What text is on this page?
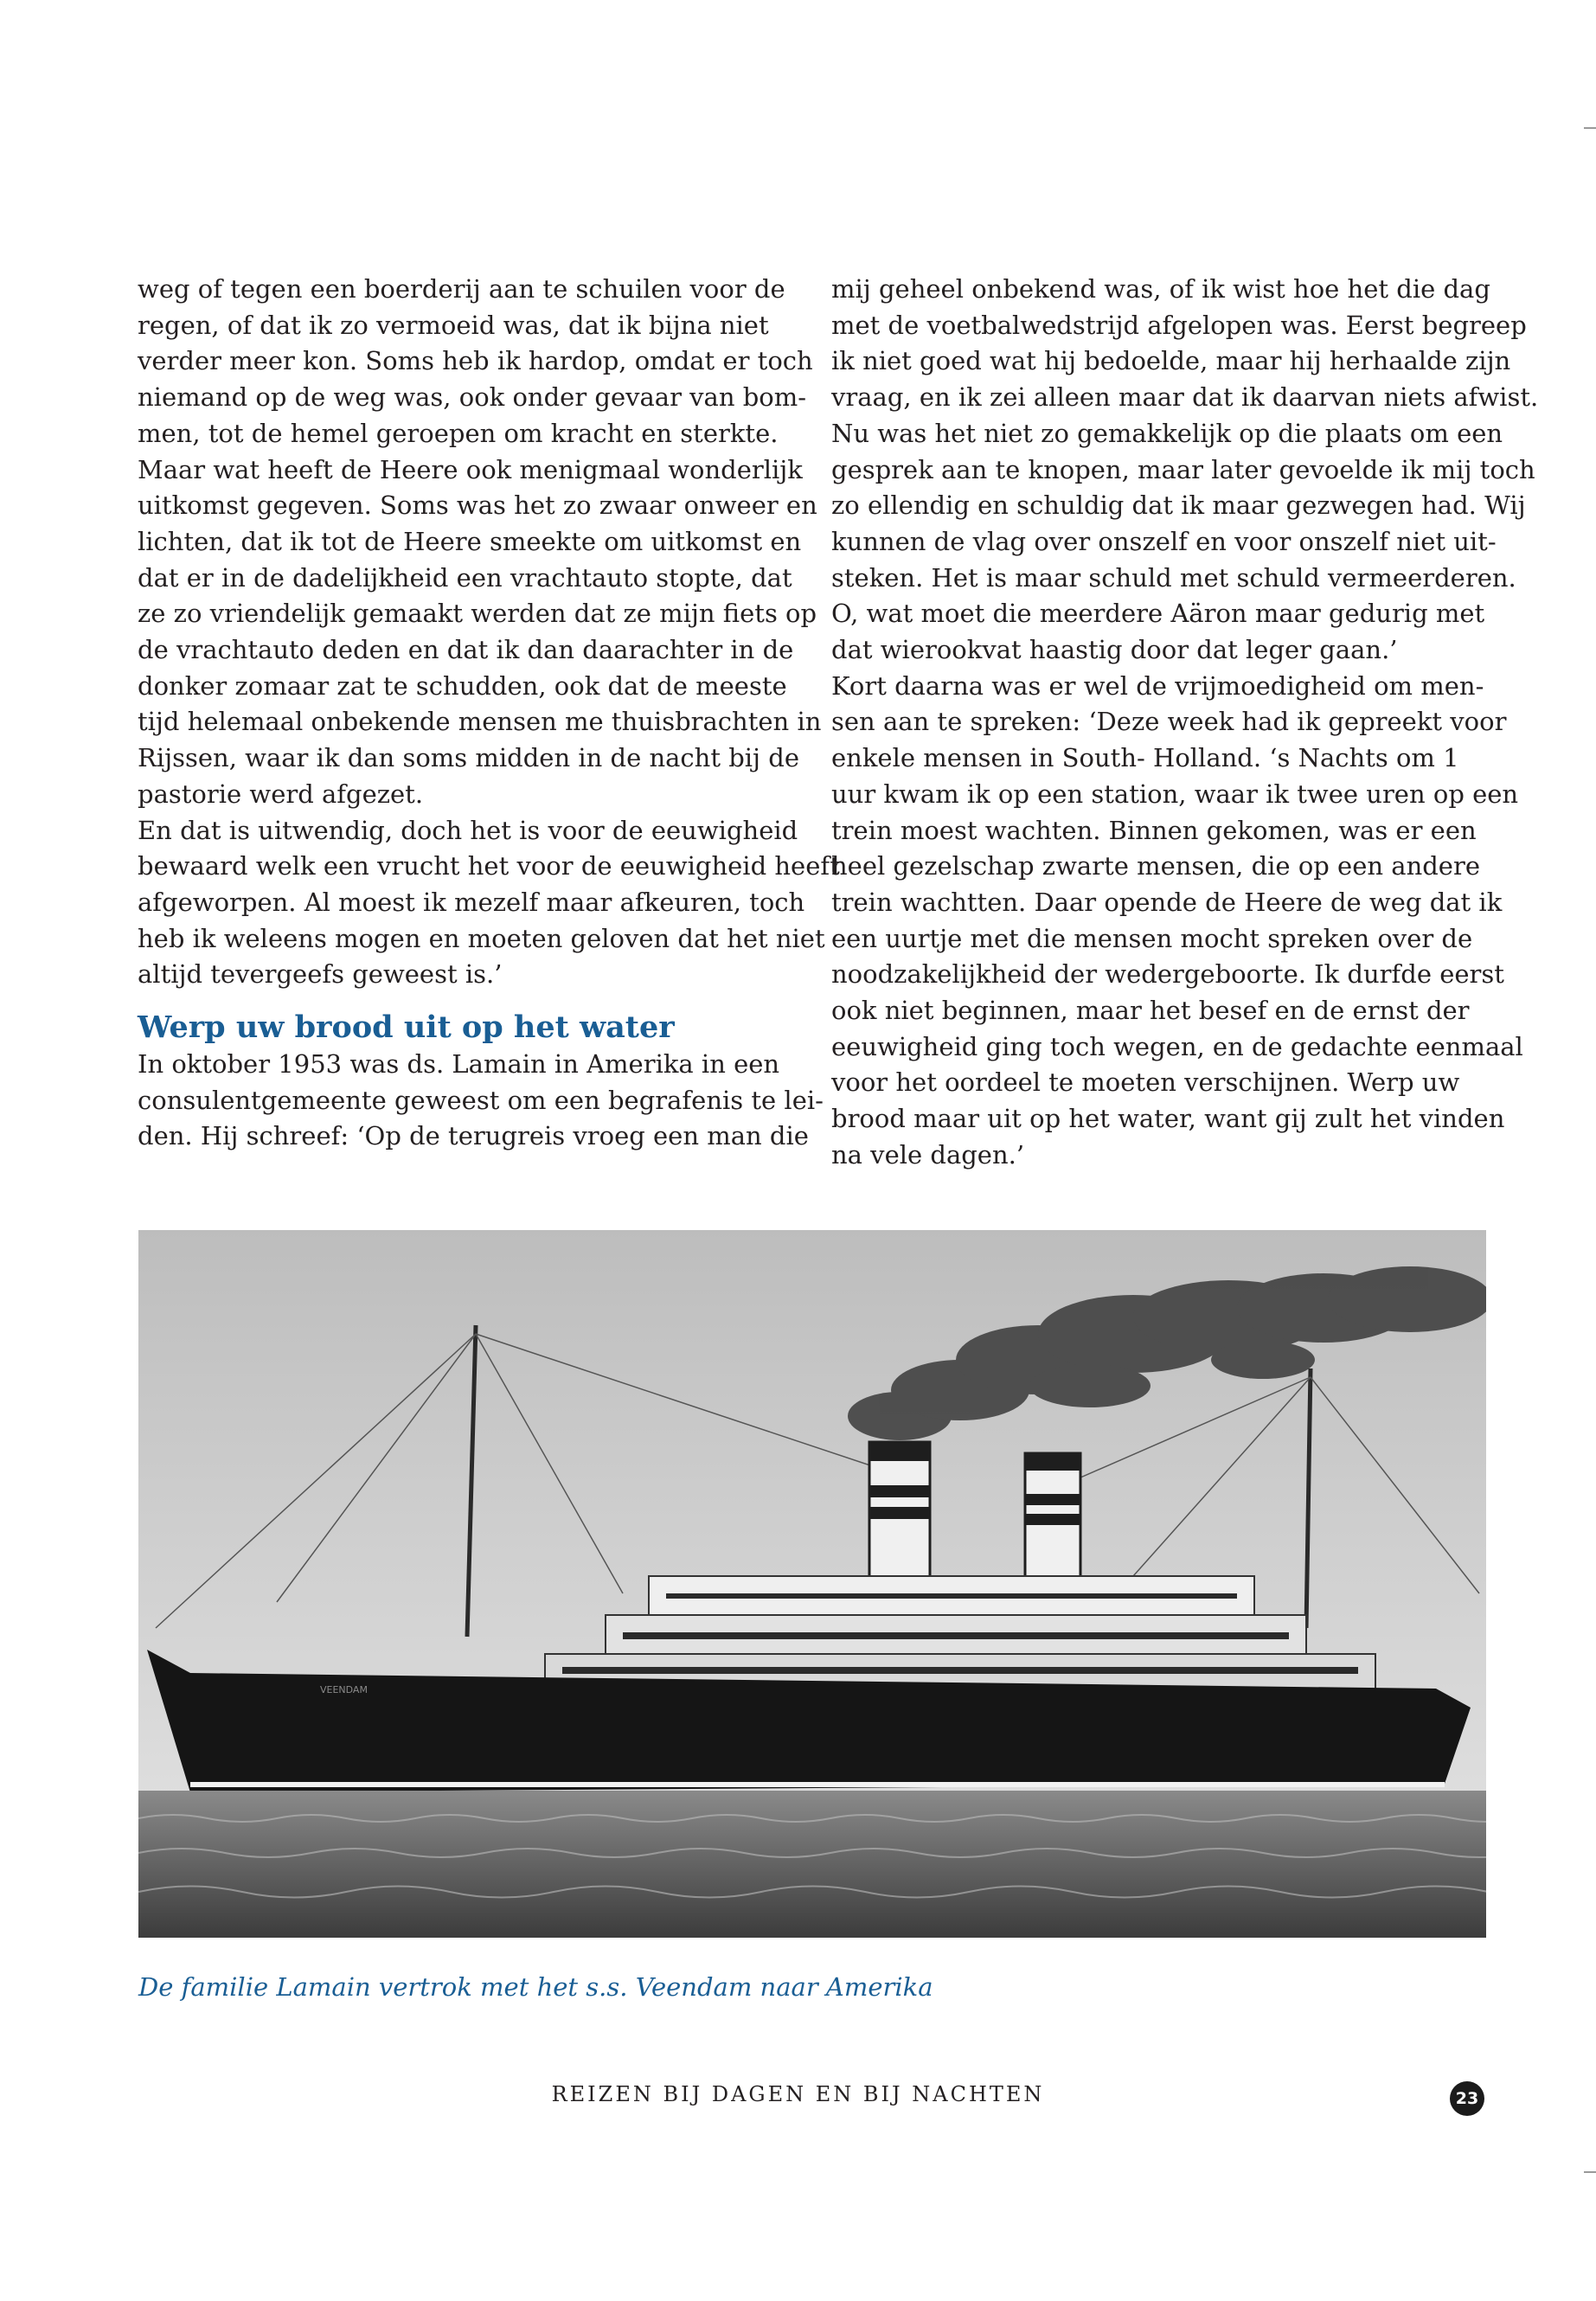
weg of tegen een boerderij aan te schuilen voor de
regen, of dat ik zo vermoeid was, dat ik bijna niet
verder meer kon. Soms heb ik hardop, omdat er toch
niemand op de weg was, ook onder gevaar van bom-
men, tot de hemel geroepen om kracht en sterkte.
Maar wat heeft de Heere ook menigmaal wonderlijk
uitkomst gegeven. Soms was het zo zwaar onweer en
lichten, dat ik tot de Heere smeekte om uitkomst en
dat er in de dadelijkheid een vrachtauto stopte, dat
ze zo vriendelijk gemaakt werden dat ze mijn fiets op
de vrachtauto deden en dat ik dan daarachter in de
donker zomaar zat te schudden, ook dat de meeste
tijd helemaal onbekende mensen me thuisbrachten in
Rijssen, waar ik dan soms midden in de nacht bij de
pastorie werd afgezet.
En dat is uitwendig, doch het is voor de eeuwigheid
bewaard welk een vrucht het voor de eeuwigheid heeft
afgeworpen. Al moest ik mezelf maar afkeuren, toch
heb ik weleens mogen en moeten geloven dat het niet
altijd tevergeefs geweest is.’
Werp uw brood uit op het water
In oktober 1953 was ds. Lamain in Amerika in een
consulentgemeente geweest om een begrafenis te lei-
den. Hij schreef: ‘Op de terugreis vroeg een man die
mij geheel onbekend was, of ik wist hoe het die dag
met de voetbalwedstrijd afgelopen was. Eerst begreep
ik niet goed wat hij bedoelde, maar hij herhaalde zijn
vraag, en ik zei alleen maar dat ik daarvan niets afwist.
Nu was het niet zo gemakkelijk op die plaats om een
gesprek aan te knopen, maar later gevoelde ik mij toch
zo ellendig en schuldig dat ik maar gezwegen had. Wij
kunnen de vlag over onszelf en voor onszelf niet uit-
steken. Het is maar schuld met schuld vermeerderen.
O, wat moet die meerdere Aäron maar gedurig met
dat wierookvat haastig door dat leger gaan.’
Kort daarna was er wel de vrijmoedigheid om men-
sen aan te spreken: ‘Deze week had ik gepreekt voor
enkele mensen in South- Holland. ‘s Nachts om 1
uur kwam ik op een station, waar ik twee uren op een
trein moest wachten. Binnen gekomen, was er een
heel gezelschap zwarte mensen, die op een andere
trein wachtten. Daar opende de Heere de weg dat ik
een uurtje met die mensen mocht spreken over de
noodzakelijkheid der wedergeboorte. Ik durfde eerst
ook niet beginnen, maar het besef en de ernst der
eeuwigheid ging toch wegen, en de gedachte eenmaal
voor het oordeel te moeten verschijnen. Werp uw
brood maar uit op het water, want gij zult het vinden
na vele dagen.’
VEENDAM
De familie Lamain vertrok met het s.s. Veendam naar Amerika
REIZEN BIJ DAGEN EN BIJ NACHTEN	23
